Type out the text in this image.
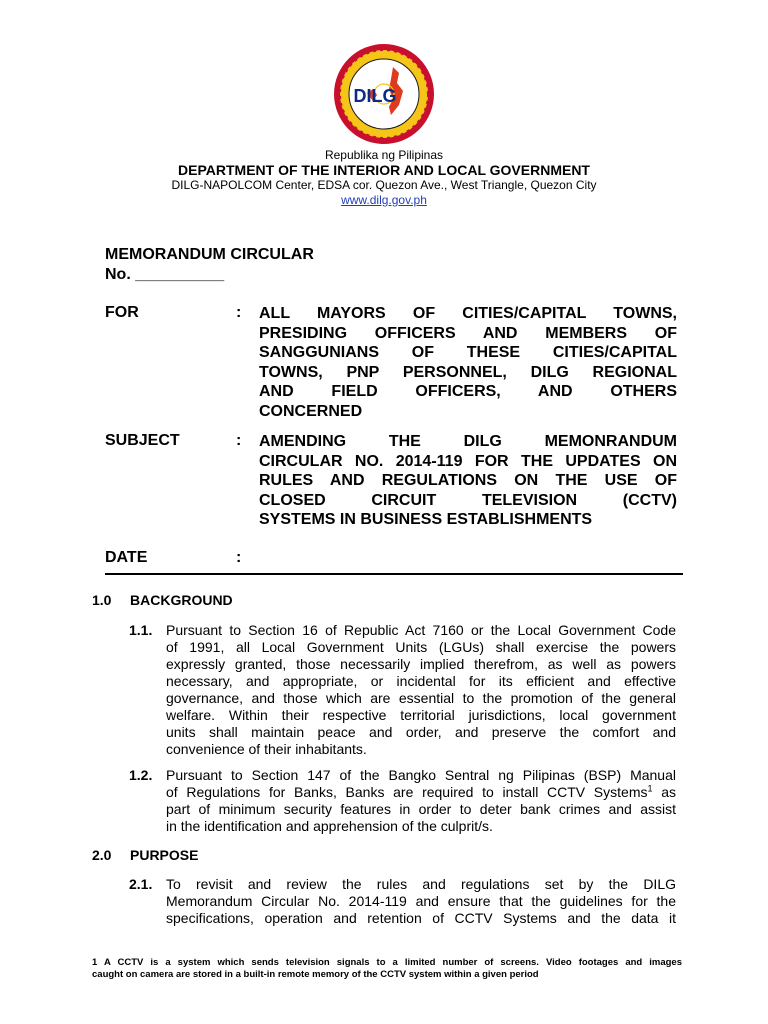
DILG
Republika ng Pilipinas
DEPARTMENT OF THE INTERIOR AND LOCAL GOVERNMENT
DILG-NAPOLCOM Center, EDSA cor. Quezon Ave., West Triangle, Quezon City
www.dilg.gov.ph
MEMORANDUM CIRCULAR
No. __________
FOR	: ALL MAYORS OF CITIES/CAPITAL TOWNS,
PRESIDING OFFICERS AND MEMBERS OF
SANGGUNIANS OF THESE CITIES/CAPITAL
TOWNS, PNP PERSONNEL, DILG REGIONAL
AND FIELD OFFICERS, AND OTHERS
CONCERNED
SUBJECT	: AMENDING THE DILG MEMONRANDUM
CIRCULAR NO. 2014-119 FOR THE UPDATES ON
RULES AND REGULATIONS ON THE USE OF
CLOSED CIRCUIT TELEVISION (CCTV)
SYSTEMS IN BUSINESS ESTABLISHMENTS
DATE	:
1.0 BACKGROUND
1.1. Pursuant to Section 16 of Republic Act 7160 or the Local Government Code
of 1991, all Local Government Units (LGUs) shall exercise the powers
expressly granted, those necessarily implied therefrom, as well as powers
necessary, and appropriate, or incidental for its efficient and effective
governance, and those which are essential to the promotion of the general
welfare. Within their respective territorial jurisdictions, local government
units shall maintain peace and order, and preserve the comfort and
convenience of their inhabitants.
1.2. Pursuant to Section 147 of the Bangko Sentral ng Pilipinas (BSP) Manual
of Regulations for Banks, Banks are required to install CCTV Systems$^1$ as
part of minimum security features in order to deter bank crimes and assist
in the identification and apprehension of the culprit/s.
2.0 PURPOSE
2.1. To revisit and review the rules and regulations set by the DILG
Memorandum Circular No. 2014-119 and ensure that the guidelines for the
specifications, operation and retention of CCTV Systems and the data it
1 A CCTV is a system which sends television signals to a limited number of screens. Video footages and images
caught on camera are stored in a built-in remote memory of the CCTV system within a given period
